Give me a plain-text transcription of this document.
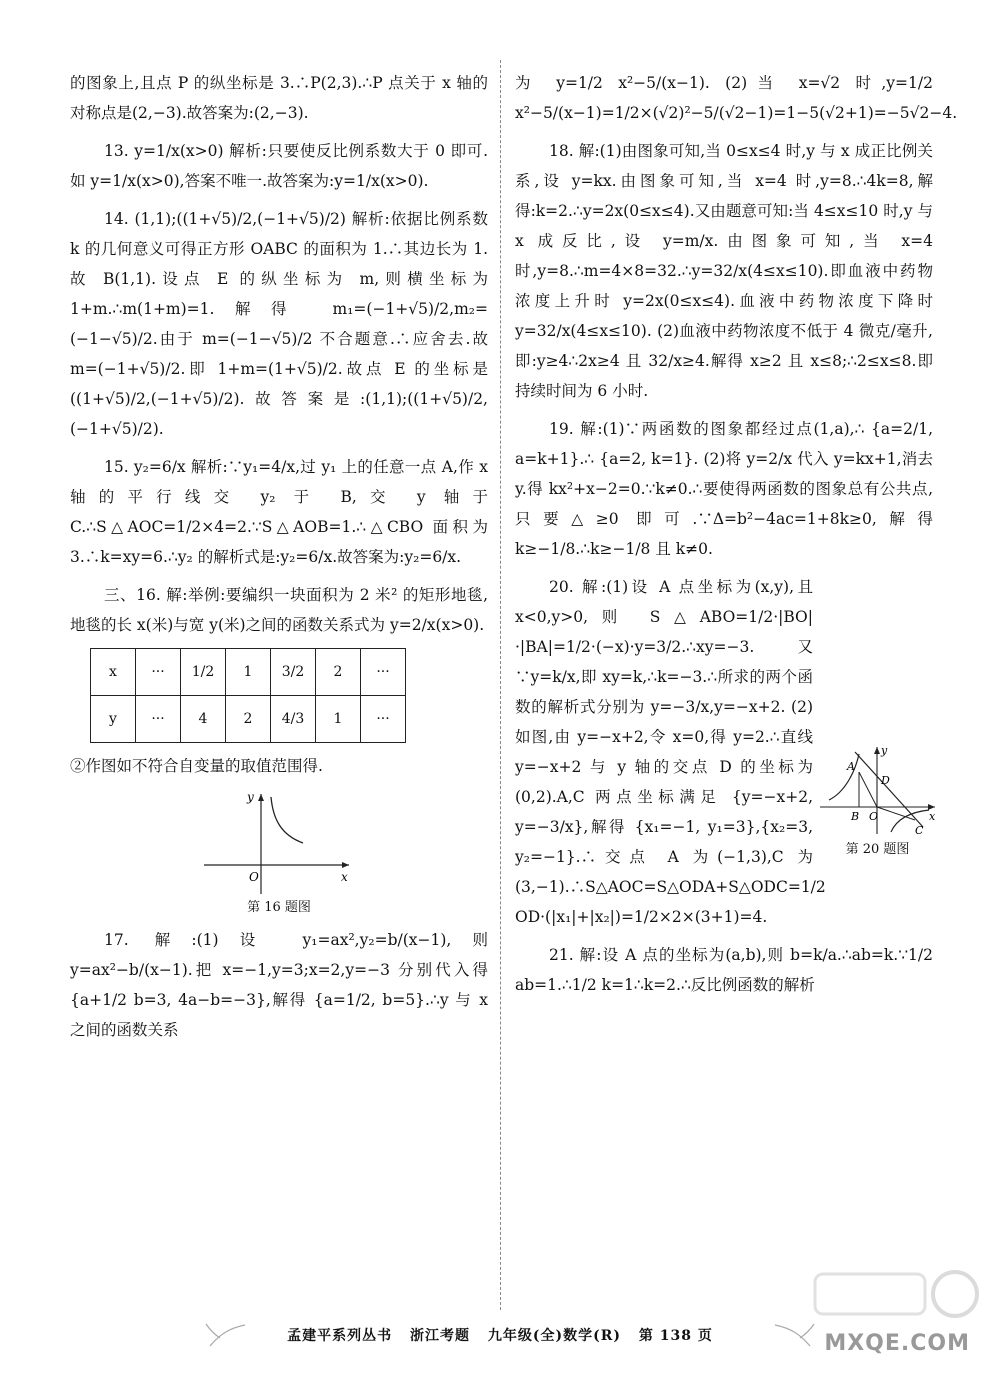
的图象上,且点 P 的纵坐标是 3.∴P(2,3).∴P 点关于 x 轴的对称点是(2,−3).故答案为:(2,−3).

13. y=1/x(x>0) 解析:只要使反比例系数大于 0 即可.如 y=1/x(x>0),答案不唯一.故答案为:y=1/x(x>0).

14. (1,1);((1+√5)/2,(−1+√5)/2) 解析:依据比例系数 k 的几何意义可得正方形 OABC 的面积为 1.∴其边长为 1.故 B(1,1).设点 E 的纵坐标为 m,则横坐标为 1+m.∴m(1+m)=1.解得 m₁=(−1+√5)/2,m₂=(−1−√5)/2.由于 m=(−1−√5)/2 不合题意.∴应舍去.故 m=(−1+√5)/2.即 1+m=(1+√5)/2.故点 E 的坐标是((1+√5)/2,(−1+√5)/2).故答案是:(1,1);((1+√5)/2,(−1+√5)/2).

15. y₂=6/x 解析:∵y₁=4/x,过 y₁ 上的任意一点 A,作 x 轴的平行线交 y₂ 于 B,交 y 轴于 C.∴S△AOC=1/2×4=2.∵S△AOB=1.∴△CBO 面积为 3.∴k=xy=6.∴y₂ 的解析式是:y₂=6/x.故答案为:y₂=6/x.

三、16. 解:举例:要编织一块面积为 2 米² 的矩形地毯,地毯的长 x(米)与宽 y(米)之间的函数关系式为 y=2/x(x>0).

x	···	1/2	1	3/2	2	···
y	···	4	2	4/3	1	···

②作图如不符合自变量的取值范围得.

x
y
O
第 16 题图

17. 解:(1)设 y₁=ax²,y₂=b/(x−1),则 y=ax²−b/(x−1).把 x=−1,y=3;x=2,y=−3 分别代入得 {a+1/2 b=3, 4a−b=−3},解得 {a=1/2, b=5}.∴y 与 x 之间的函数关系

为 y=1/2 x²−5/(x−1). (2)当 x=√2 时,y=1/2 x²−5/(x−1)=1/2×(√2)²−5/(√2−1)=1−5(√2+1)=−5√2−4.

18. 解:(1)由图象可知,当 0≤x≤4 时,y 与 x 成正比例关系,设 y=kx.由图象可知,当 x=4 时,y=8.∴4k=8,解得:k=2.∴y=2x(0≤x≤4).又由题意可知:当 4≤x≤10 时,y 与 x 成反比,设 y=m/x.由图象可知,当 x=4 时,y=8.∴m=4×8=32.∴y=32/x(4≤x≤10).即血液中药物浓度上升时 y=2x(0≤x≤4).血液中药物浓度下降时 y=32/x(4≤x≤10). (2)血液中药物浓度不低于 4 微克/毫升,即:y≥4∴2x≥4 且 32/x≥4.解得 x≥2 且 x≤8;∴2≤x≤8.即持续时间为 6 小时.

19. 解:(1)∵两函数的图象都经过点(1,a),∴ {a=2/1, a=k+1}.∴ {a=2, k=1}. (2)将 y=2/x 代入 y=kx+1,消去 y.得 kx²+x−2=0.∵k≠0.∴要使得两函数的图象总有公共点,只要△≥0 即可.∵Δ=b²−4ac=1+8k≥0,解得 k≥−1/8.∴k≥−1/8 且 k≠0.

20. 解:(1)设 A 点坐标为(x,y),且 x<0,y>0,则 S△ABO=1/2·|BO|·|BA|=1/2·(−x)·y=3/2.∴xy=−3.又∵y=k/x,即 xy=k,∴k=−3.∴所求的两个函数的解析式分别为 y=−3/x,y=−x+2. (2)如图,由 y=−x+2,令 x=0,得 y=2.∴直线 y=−x+2 与 y 轴的交点 D 的坐标为(0,2).A,C 两点坐标满足 {y=−x+2, y=−3/x},解得 {x₁=−1, y₁=3},{x₂=3, y₂=−1}.∴交点 A 为(−1,3),C 为(3,−1).∴S△AOC=S△ODA+S△ODC=1/2 OD·(|x₁|+|x₂|)=1/2×2×(3+1)=4.

21. 解:设 A 点的坐标为(a,b),则 b=k/a.∴ab=k.∵1/2 ab=1.∴1/2 k=1∴k=2.∴反比例函数的解析

y
A
D
B O
C
x
第 20 题图
孟建平系列丛书 浙江考题 九年级(全)数学(R) 第 138 页	MXQE.COM
